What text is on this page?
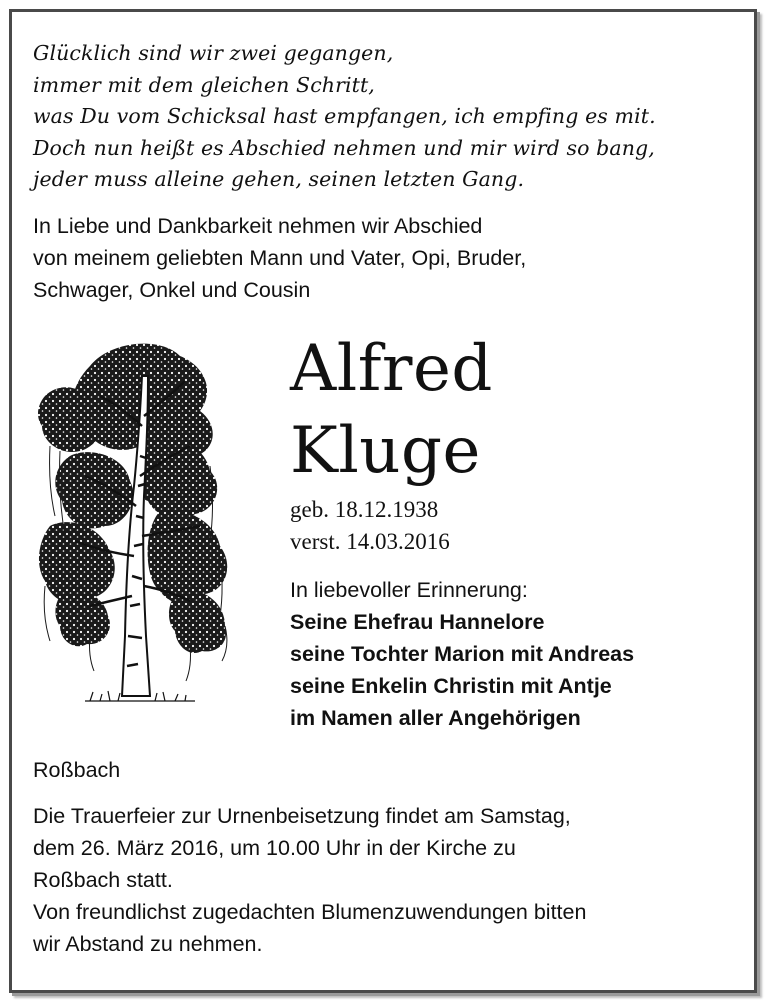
Glücklich sind wir zwei gegangen,
immer mit dem gleichen Schritt,
was Du vom Schicksal hast empfangen, ich empfing es mit.
Doch nun heißt es Abschied nehmen und mir wird so bang,
jeder muss alleine gehen, seinen letzten Gang.
In Liebe und Dankbarkeit nehmen wir Abschied
von meinem geliebten Mann und Vater, Opi, Bruder,
Schwager, Onkel und Cousin
Alfred
Kluge
geb. 18.12.1938
verst. 14.03.2016
In liebevoller Erinnerung:
Seine Ehefrau Hannelore
seine Tochter Marion mit Andreas
seine Enkelin Christin mit Antje
im Namen aller Angehörigen
Roßbach
Die Trauerfeier zur Urnenbeisetzung findet am Samstag,
dem 26. März 2016, um 10.00 Uhr in der Kirche zu
Roßbach statt.
Von freundlichst zugedachten Blumenzuwendungen bitten
wir Abstand zu nehmen.
